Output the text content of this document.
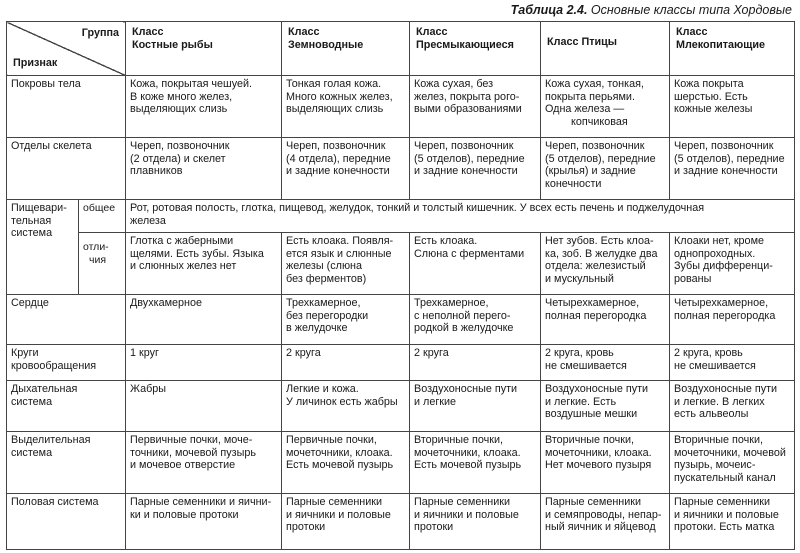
Таблица 2.4. Основные классы типа Хордовые
Группа
Признак		Класс
Костные рыбы	Класс
Земноводные	Класс
Пресмыкающиеся	Класс Птицы	Класс
Млекопитающие

Покровы тела		Кожа, покрытая чешуей.
В коже много желез,
выделяющих слизь	Тонкая голая кожа.
Много кожных желез,
выделяющих слизь	Кожа сухая, без
желез, покрыта рого-
выми образованиями	Кожа сухая, тонкая,
покрыта перьями.
Одна железа —
копчиковая	Кожа покрыта
шерстью. Есть
кожные железы

Отделы скелета		Череп, позвоночник
(2 отдела) и скелет
плавников	Череп, позвоночник
(4 отдела), передние
и задние конечности	Череп, позвоночник
(5 отделов), передние
и задние конечности	Череп, позвоночник
(5 отделов), передние
(крылья) и задние
конечности	Череп, позвоночник
(5 отделов), передние
и задние конечности

Пищевари-
тельная
система	общее	Рот, ротовая полость, глотка, пищевод, желудок, тонкий и толстый кишечник. У всех есть печень и поджелудочная
железа				

	отли-
чия	Глотка с жаберными
щелями. Есть зубы. Языка
и слюнных желез нет	Есть клоака. Появля-
ется язык и слюнные
железы (слюна
без ферментов)	Есть клоака.
Слюна с ферментами	Нет зубов. Есть клоа-
ка, зоб. В желудке два
отдела: железистый
и мускульный	Клоаки нет, кроме
однопроходных.
Зубы дифференци-
рованы

Сердце		Двухкамерное	Трехкамерное,
без перегородки
в желудочке	Трехкамерное,
с неполной перего-
родкой в желудочке	Четырехкамерное,
полная перегородка	Четырехкамерное,
полная перегородка

Круги
кровообращения		1 круг	2 круга	2 круга	2 круга, кровь
не смешивается	2 круга, кровь
не смешивается

Дыхательная
система		Жабры	Легкие и кожа.
У личинок есть жабры	Воздухоносные пути
и легкие	Воздухоносные пути
и легкие. Есть
воздушные мешки	Воздухоносные пути
и легкие. В легких
есть альвеолы

Выделительная
система		Первичные почки, моче-
точники, мочевой пузырь
и мочевое отверстие	Первичные почки,
мочеточники, клоака.
Есть мочевой пузырь	Вторичные почки,
мочеточники, клоака.
Есть мочевой пузырь	Вторичные почки,
мочеточники, клоака.
Нет мочевого пузыря	Вторичные почки,
мочеточники, мочевой
пузырь, мочеис-
пускательный канал

Половая система		Парные семенники и яични-
ки и половые протоки	Парные семенники
и яичники и половые
протоки	Парные семенники
и яичники и половые
протоки	Парные семенники
и семяпроводы, непар-
ный яичник и яйцевод	Парные семенники
и яичники и половые
протоки. Есть матка
